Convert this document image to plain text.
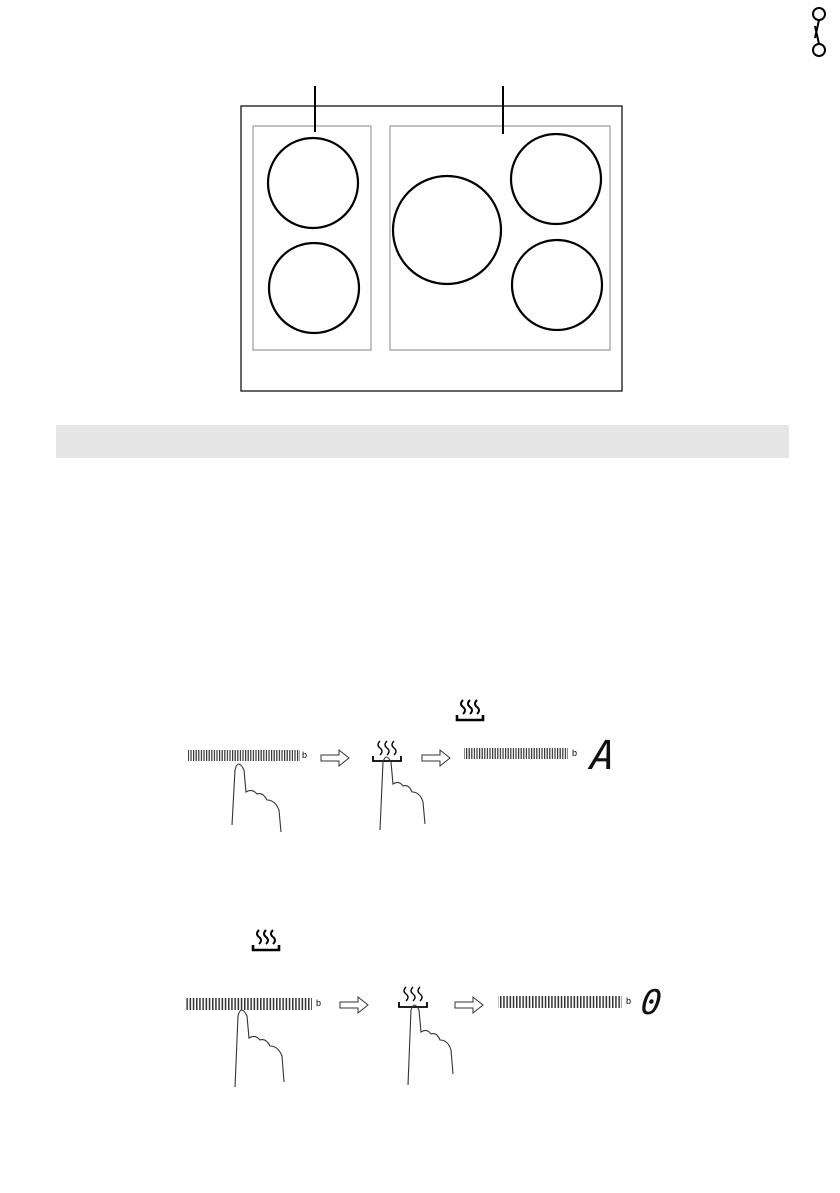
b	b A
b	b 0
